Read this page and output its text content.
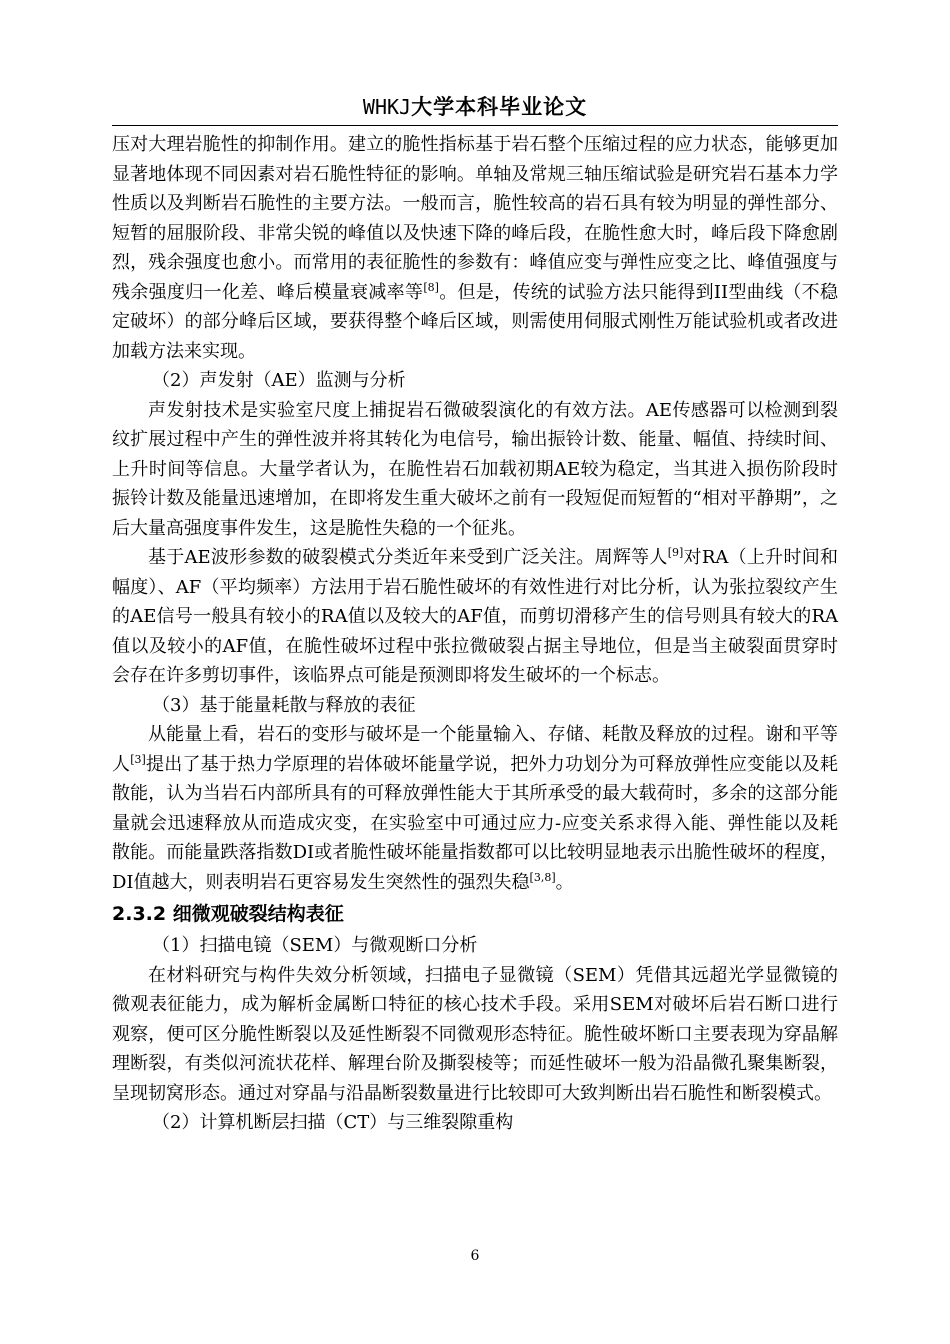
WHKJ大学本科毕业论文

压对大理岩脆性的抑制作用。建立的脆性指标基于岩石整个压缩过程的应力状态，能够更加显著地体现不同因素对岩石脆性特征的影响。单轴及常规三轴压缩试验是研究岩石基本力学性质以及判断岩石脆性的主要方法。一般而言，脆性较高的岩石具有较为明显的弹性部分、短暂的屈服阶段、非常尖锐的峰值以及快速下降的峰后段，在脆性愈大时，峰后段下降愈剧烈，残余强度也愈小。而常用的表征脆性的参数有：峰值应变与弹性应变之比、峰值强度与残余强度归一化差、峰后模量衰减率等[8]。但是，传统的试验方法只能得到II型曲线（不稳定破坏）的部分峰后区域，要获得整个峰后区域，则需使用伺服式刚性万能试验机或者改进加载方法来实现。

（2）声发射（AE）监测与分析

声发射技术是实验室尺度上捕捉岩石微破裂演化的有效方法。AE传感器可以检测到裂纹扩展过程中产生的弹性波并将其转化为电信号，输出振铃计数、能量、幅值、持续时间、上升时间等信息。大量学者认为，在脆性岩石加载初期AE较为稳定，当其进入损伤阶段时振铃计数及能量迅速增加，在即将发生重大破坏之前有一段短促而短暂的“相对平静期”，之后大量高强度事件发生，这是脆性失稳的一个征兆。

基于AE波形参数的破裂模式分类近年来受到广泛关注。周辉等人[9]对RA（上升时间和幅度）、AF（平均频率）方法用于岩石脆性破坏的有效性进行对比分析，认为张拉裂纹产生的AE信号一般具有较小的RA值以及较大的AF值，而剪切滑移产生的信号则具有较大的RA值以及较小的AF值，在脆性破坏过程中张拉微破裂占据主导地位，但是当主破裂面贯穿时会存在许多剪切事件，该临界点可能是预测即将发生破坏的一个标志。

（3）基于能量耗散与释放的表征

从能量上看，岩石的变形与破坏是一个能量输入、存储、耗散及释放的过程。谢和平等人[3]提出了基于热力学原理的岩体破坏能量学说，把外力功划分为可释放弹性应变能以及耗散能，认为当岩石内部所具有的可释放弹性能大于其所承受的最大载荷时，多余的这部分能量就会迅速释放从而造成灾变，在实验室中可通过应力-应变关系求得入能、弹性能以及耗散能。而能量跌落指数DI或者脆性破坏能量指数都可以比较明显地表示出脆性破坏的程度，DI值越大，则表明岩石更容易发生突然性的强烈失稳[3,8]。

2.3.2 细微观破裂结构表征

（1）扫描电镜（SEM）与微观断口分析

在材料研究与构件失效分析领域，扫描电子显微镜（SEM）凭借其远超光学显微镜的微观表征能力，成为解析金属断口特征的核心技术手段。采用SEM对破坏后岩石断口进行观察，便可区分脆性断裂以及延性断裂不同微观形态特征。脆性破坏断口主要表现为穿晶解理断裂，有类似河流状花样、解理台阶及撕裂棱等；而延性破坏一般为沿晶微孔聚集断裂，呈现韧窝形态。通过对穿晶与沿晶断裂数量进行比较即可大致判断出岩石脆性和断裂模式。

（2）计算机断层扫描（CT）与三维裂隙重构

6
